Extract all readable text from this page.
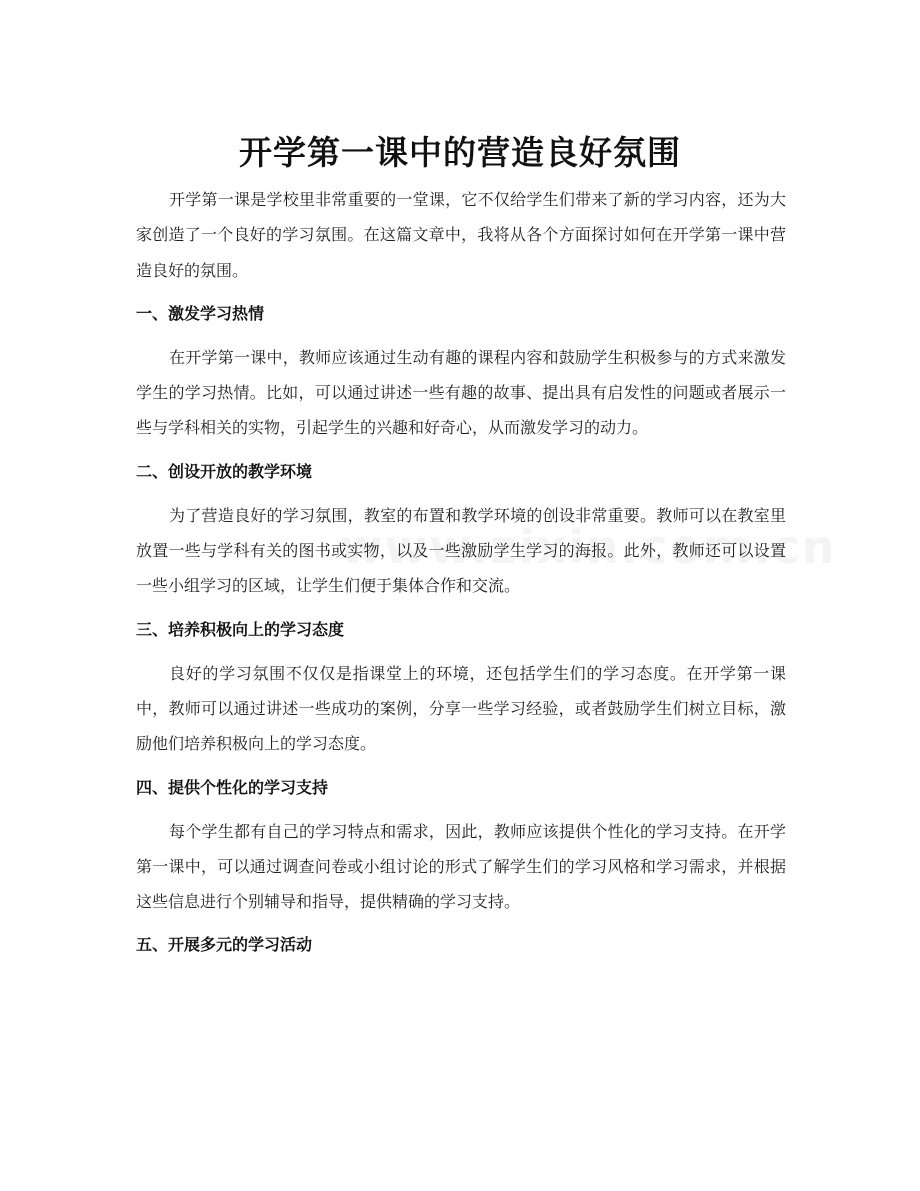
开学第一课中的营造良好氛围

开学第一课是学校里非常重要的一堂课，它不仅给学生们带来了新的学习内容，还为大家创造了一个良好的学习氛围。在这篇文章中，我将从各个方面探讨如何在开学第一课中营造良好的氛围。

一、激发学习热情

在开学第一课中，教师应该通过生动有趣的课程内容和鼓励学生积极参与的方式来激发学生的学习热情。比如，可以通过讲述一些有趣的故事、提出具有启发性的问题或者展示一些与学科相关的实物，引起学生的兴趣和好奇心，从而激发学习的动力。

二、创设开放的教学环境

为了营造良好的学习氛围，教室的布置和教学环境的创设非常重要。教师可以在教室里放置一些与学科有关的图书或实物，以及一些激励学生学习的海报。此外，教师还可以设置一些小组学习的区域，让学生们便于集体合作和交流。

三、培养积极向上的学习态度

良好的学习氛围不仅仅是指课堂上的环境，还包括学生们的学习态度。在开学第一课中，教师可以通过讲述一些成功的案例，分享一些学习经验，或者鼓励学生们树立目标，激励他们培养积极向上的学习态度。

四、提供个性化的学习支持

每个学生都有自己的学习特点和需求，因此，教师应该提供个性化的学习支持。在开学第一课中，可以通过调查问卷或小组讨论的形式了解学生们的学习风格和学习需求，并根据这些信息进行个别辅导和指导，提供精确的学习支持。

五、开展多元的学习活动
